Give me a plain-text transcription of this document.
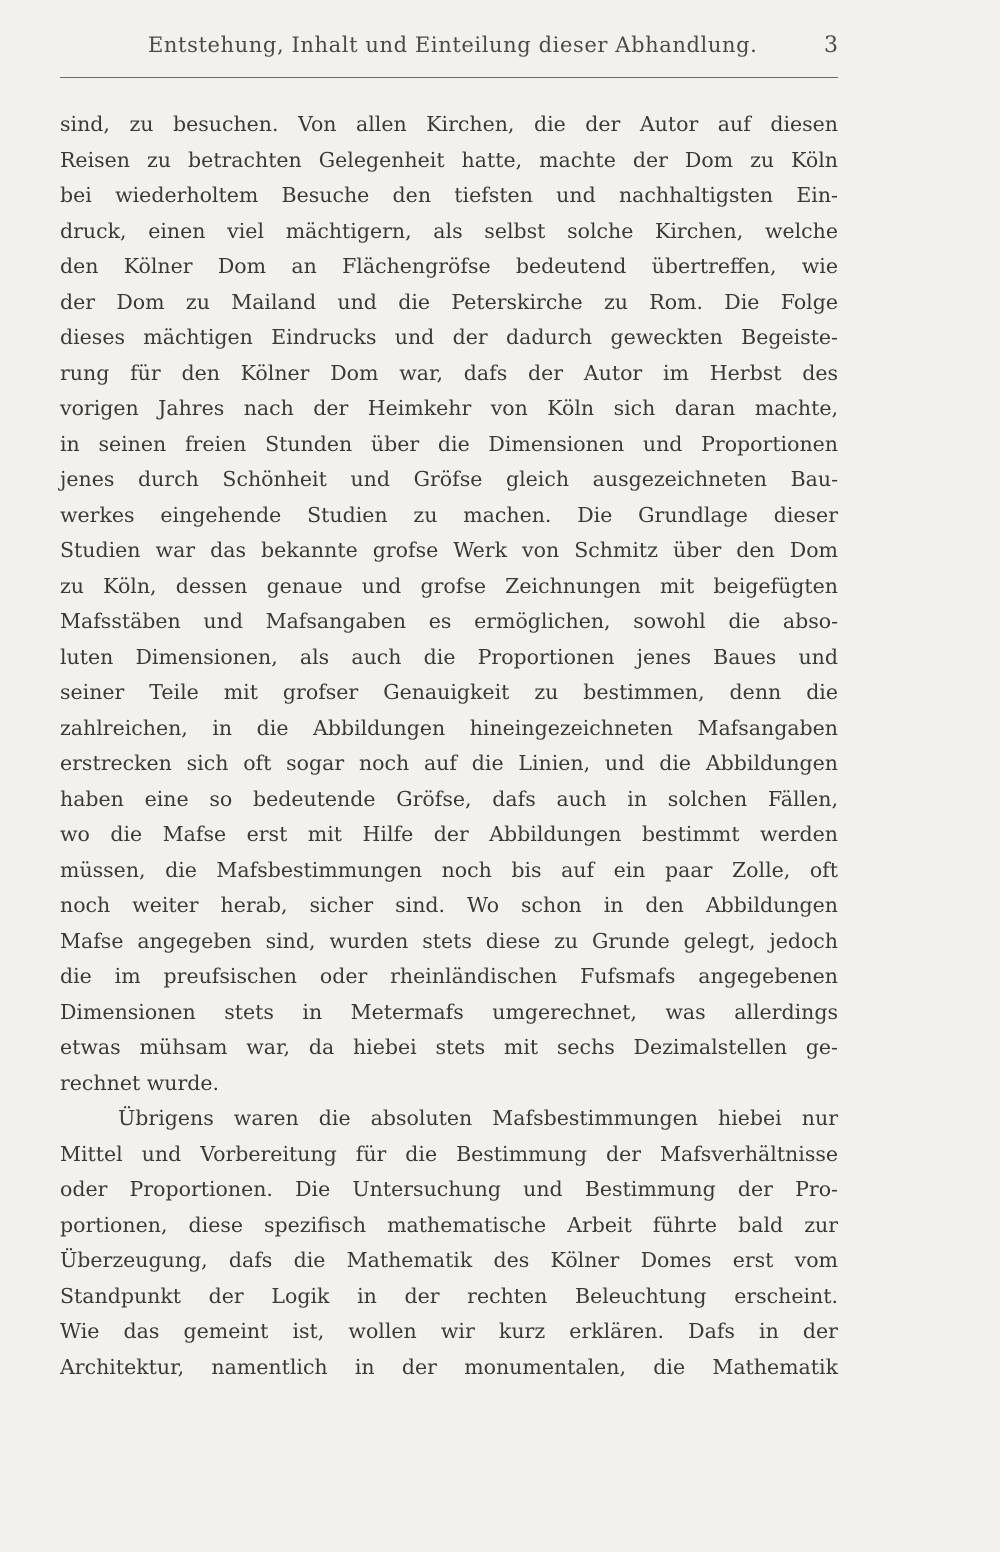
Entstehung, Inhalt und Einteilung dieser Abhandlung.	3
sind, zu besuchen. Von allen Kirchen, die der Autor auf diesen
Reisen zu betrachten Gelegenheit hatte, machte der Dom zu Köln
bei wiederholtem Besuche den tiefsten und nachhaltigsten Ein-
druck, einen viel mächtigern, als selbst solche Kirchen, welche
den Kölner Dom an Flächengröfse bedeutend übertreffen, wie
der Dom zu Mailand und die Peterskirche zu Rom. Die Folge
dieses mächtigen Eindrucks und der dadurch geweckten Begeiste-
rung für den Kölner Dom war, dafs der Autor im Herbst des
vorigen Jahres nach der Heimkehr von Köln sich daran machte,
in seinen freien Stunden über die Dimensionen und Proportionen
jenes durch Schönheit und Gröfse gleich ausgezeichneten Bau-
werkes eingehende Studien zu machen. Die Grundlage dieser
Studien war das bekannte grofse Werk von Schmitz über den Dom
zu Köln, dessen genaue und grofse Zeichnungen mit beigefügten
Mafsstäben und Mafsangaben es ermöglichen, sowohl die abso-
luten Dimensionen, als auch die Proportionen jenes Baues und
seiner Teile mit grofser Genauigkeit zu bestimmen, denn die
zahlreichen, in die Abbildungen hineingezeichneten Mafsangaben
erstrecken sich oft sogar noch auf die Linien, und die Abbildungen
haben eine so bedeutende Gröfse, dafs auch in solchen Fällen,
wo die Mafse erst mit Hilfe der Abbildungen bestimmt werden
müssen, die Mafsbestimmungen noch bis auf ein paar Zolle, oft
noch weiter herab, sicher sind. Wo schon in den Abbildungen
Mafse angegeben sind, wurden stets diese zu Grunde gelegt, jedoch
die im preufsischen oder rheinländischen Fufsmafs angegebenen
Dimensionen stets in Metermafs umgerechnet, was allerdings
etwas mühsam war, da hiebei stets mit sechs Dezimalstellen ge-
rechnet wurde.
Übrigens waren die absoluten Mafsbestimmungen hiebei nur
Mittel und Vorbereitung für die Bestimmung der Mafsverhältnisse
oder Proportionen. Die Untersuchung und Bestimmung der Pro-
portionen, diese spezifisch mathematische Arbeit führte bald zur
Überzeugung, dafs die Mathematik des Kölner Domes erst vom
Standpunkt der Logik in der rechten Beleuchtung erscheint.
Wie das gemeint ist, wollen wir kurz erklären. Dafs in der
Architektur, namentlich in der monumentalen, die Mathematik
